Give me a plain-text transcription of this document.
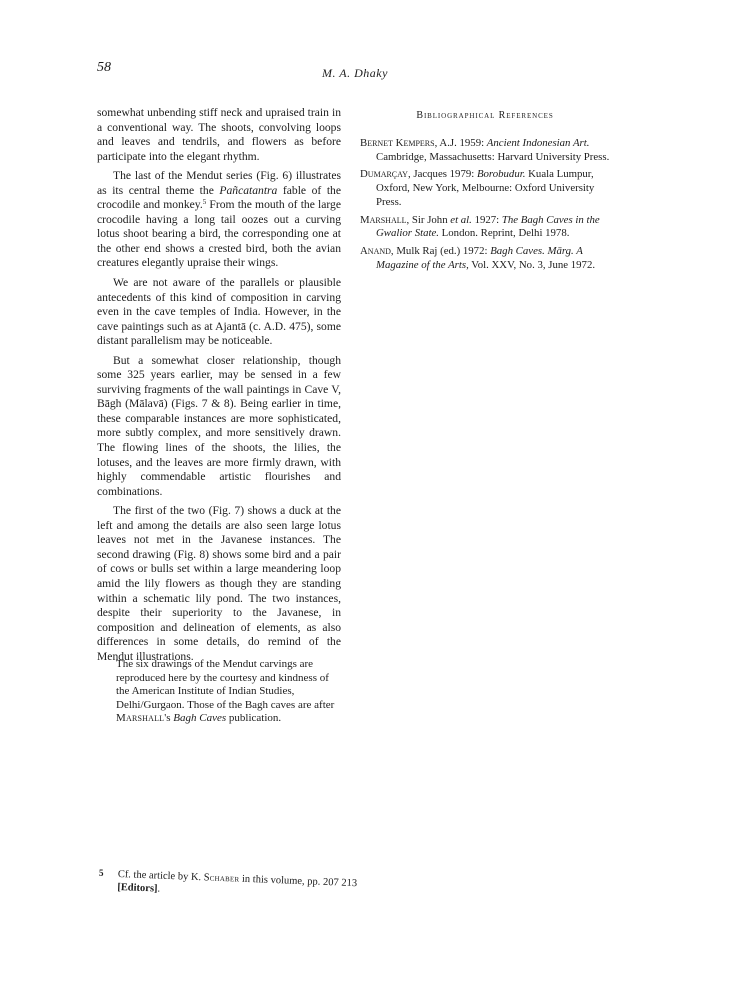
58	M. A. Dhaky

somewhat unbending stiff neck and upraised train in a conventional way. The shoots, convolving loops and leaves and tendrils, and flowers as before participate into the elegant rhythm.

The last of the Mendut series (Fig. 6) illustrates as its central theme the Pañcatantra fable of the crocodile and monkey.$^5$ From the mouth of the large crocodile having a long tail oozes out a curving lotus shoot bearing a bird, the corresponding one at the other end shows a crested bird, both the avian creatures elegantly upraise their wings.

We are not aware of the parallels or plausible antecedents of this kind of composition in carving even in the cave temples of India. However, in the cave paintings such as at Ajantā (c. A.D. 475), some distant parallelism may be noticeable.

But a somewhat closer relationship, though some 325 years earlier, may be sensed in a few surviving fragments of the wall paintings in Cave V, Bāgh (Mālavā) (Figs. 7 & 8). Being earlier in time, these comparable instances are more sophisticated, more subtly complex, and more sensitively drawn. The flowing lines of the shoots, the lilies, the lotuses, and the leaves are more firmly drawn, with highly commendable artistic flourishes and combinations.

The first of the two (Fig. 7) shows a duck at the left and among the details are also seen large lotus leaves not met in the Javanese instances. The second drawing (Fig. 8) shows some bird and a pair of cows or bulls set within a large meandering loop amid the lily flowers as though they are standing within a schematic lily pond. The two instances, despite their superiority to the Javanese, in composition and delineation of elements, as also differences in some details, do remind of the Mendut illustrations.

The six drawings of the Mendut carvings are reproduced here by the courtesy and kindness of the American Institute of Indian Studies, Delhi/Gurgaon. Those of the Bagh caves are after Marshall's Bagh Caves publication.
Bibliographical References

Bernet Kempers, A.J. 1959: Ancient Indonesian Art. Cambridge, Massachusetts: Harvard University Press.

Dumarçay, Jacques 1979: Borobudur. Kuala Lumpur, Oxford, New York, Melbourne: Oxford University Press.

Marshall, Sir John et al. 1927: The Bagh Caves in the Gwalior State. London. Reprint, Delhi 1978.

Anand, Mulk Raj (ed.) 1972: Bagh Caves. Mārg. A Magazine of the Arts, Vol. XXV, No. 3, June 1972.

5 Cf. the article by K. Schaber in this volume, pp. 207 213
[Editors].
